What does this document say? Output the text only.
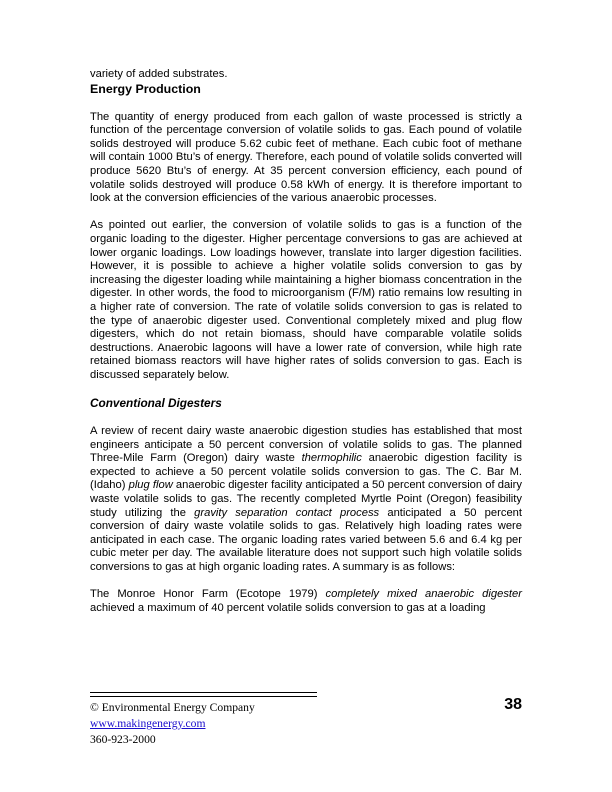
variety of added substrates.

Energy Production

The quantity of energy produced from each gallon of waste processed is strictly a function of the percentage conversion of volatile solids to gas. Each pound of volatile solids destroyed will produce 5.62 cubic feet of methane. Each cubic foot of methane will contain 1000 Btu’s of energy. Therefore, each pound of volatile solids converted will produce 5620 Btu’s of energy. At 35 percent conversion efficiency, each pound of volatile solids destroyed will produce 0.58 kWh of energy. It is therefore important to look at the conversion efficiencies of the various anaerobic processes.

As pointed out earlier, the conversion of volatile solids to gas is a function of the organic loading to the digester. Higher percentage conversions to gas are achieved at lower organic loadings. Low loadings however, translate into larger digestion facilities. However, it is possible to achieve a higher volatile solids conversion to gas by increasing the digester loading while maintaining a higher biomass concentration in the digester. In other words, the food to microorganism (F/M) ratio remains low resulting in a higher rate of conversion. The rate of volatile solids conversion to gas is related to the type of anaerobic digester used. Conventional completely mixed and plug flow digesters, which do not retain biomass, should have comparable volatile solids destructions. Anaerobic lagoons will have a lower rate of conversion, while high rate retained biomass reactors will have higher rates of solids conversion to gas. Each is discussed separately below.

Conventional Digesters

A review of recent dairy waste anaerobic digestion studies has established that most engineers anticipate a 50 percent conversion of volatile solids to gas. The planned Three-Mile Farm (Oregon) dairy waste thermophilic anaerobic digestion facility is expected to achieve a 50 percent volatile solids conversion to gas. The C. Bar M. (Idaho) plug flow anaerobic digester facility anticipated a 50 percent conversion of dairy waste volatile solids to gas. The recently completed Myrtle Point (Oregon) feasibility study utilizing the gravity separation contact process anticipated a 50 percent conversion of dairy waste volatile solids to gas. Relatively high loading rates were anticipated in each case. The organic loading rates varied between 5.6 and 6.4 kg per cubic meter per day. The available literature does not support such high volatile solids conversions to gas at high organic loading rates. A summary is as follows:

The Monroe Honor Farm (Ecotope 1979) completely mixed anaerobic digester achieved a maximum of 40 percent volatile solids conversion to gas at a loading

© Environmental Energy Company
www.makingenergy.com
360-923-2000
38
